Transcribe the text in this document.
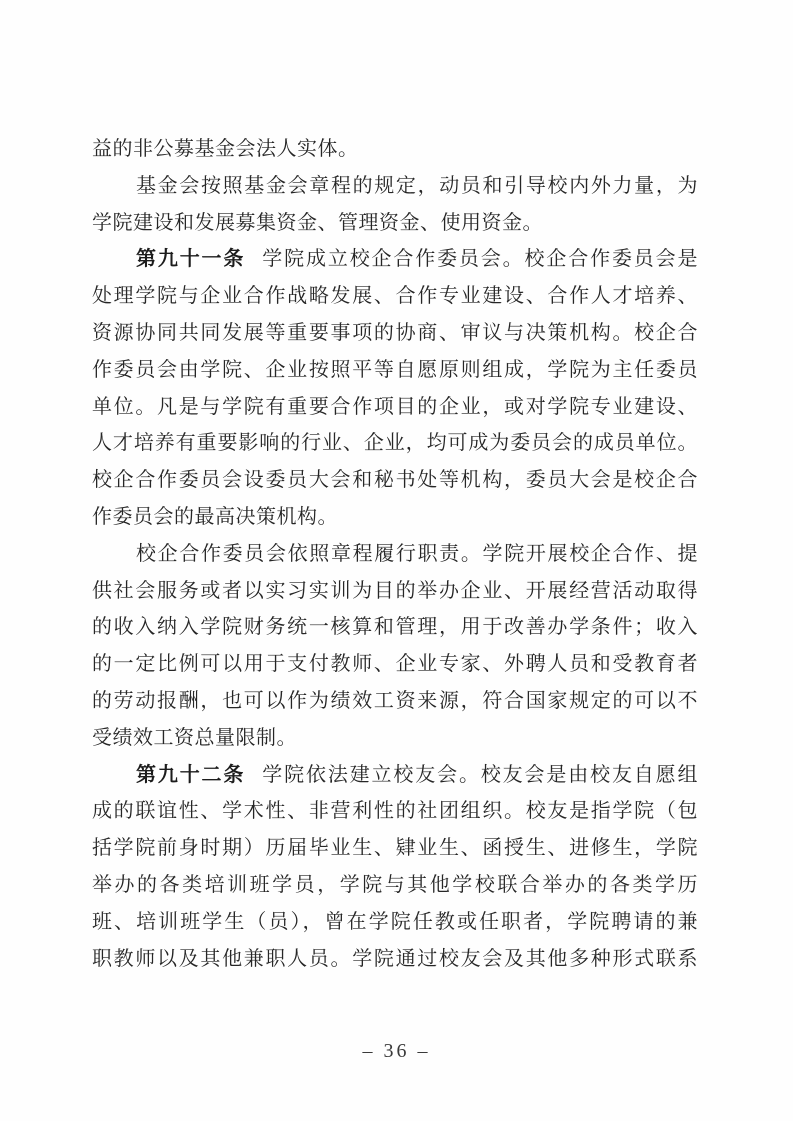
益的非公募基金会法人实体。
基金会按照基金会章程的规定，动员和引导校内外力量，为
学院建设和发展募集资金、管理资金、使用资金。
第九十一条 学院成立校企合作委员会。校企合作委员会是
处理学院与企业合作战略发展、合作专业建设、合作人才培养、
资源协同共同发展等重要事项的协商、审议与决策机构。校企合
作委员会由学院、企业按照平等自愿原则组成，学院为主任委员
单位。凡是与学院有重要合作项目的企业，或对学院专业建设、
人才培养有重要影响的行业、企业，均可成为委员会的成员单位。
校企合作委员会设委员大会和秘书处等机构，委员大会是校企合
作委员会的最高决策机构。
校企合作委员会依照章程履行职责。学院开展校企合作、提
供社会服务或者以实习实训为目的举办企业、开展经营活动取得
的收入纳入学院财务统一核算和管理，用于改善办学条件；收入
的一定比例可以用于支付教师、企业专家、外聘人员和受教育者
的劳动报酬，也可以作为绩效工资来源，符合国家规定的可以不
受绩效工资总量限制。
第九十二条 学院依法建立校友会。校友会是由校友自愿组
成的联谊性、学术性、非营利性的社团组织。校友是指学院（包
括学院前身时期）历届毕业生、肄业生、函授生、进修生，学院
举办的各类培训班学员，学院与其他学校联合举办的各类学历
班、培训班学生（员），曾在学院任教或任职者，学院聘请的兼
职教师以及其他兼职人员。学院通过校友会及其他多种形式联系
– 36 –
